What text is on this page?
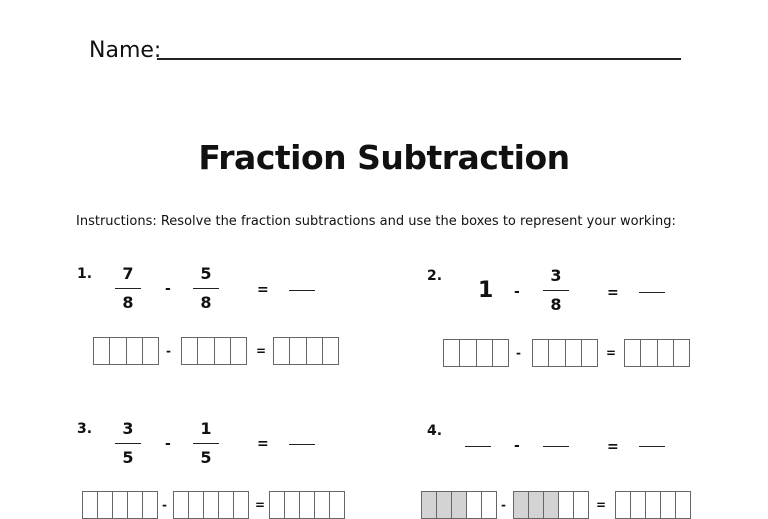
Name:
Fraction Subtraction
Instructions: Resolve the fraction subtractions and use the boxes to represent your working:
1.	7
8
-
5
8
=
-	=
2.
1 -
3
8
=
-	=
3.	3
5
-
1
5
=
-	=
4.
-	=
-	=
